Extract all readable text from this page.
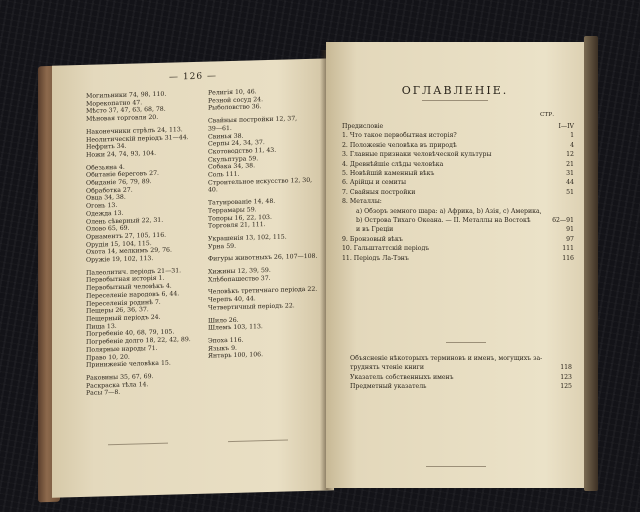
— 126 —
Могильники 74, 98, 110.
Морекопатно 47.
Мѣсто 37, 47, 63, 68, 78.
Мѣновая торговля 20.
Наконечники стрѣлъ 24, 113.
Неолитическій періодъ 31—44.
Нефрить 34.
Ножи 24, 74, 93, 104.
Обезьяна 4.
Обитаніе береговъ 27.
Обиданіе 76, 79, 89.
Обработка 27.
Овца 34, 38.
Огонь 13.
Одежда 13.
Олень сѣверный 22, 31.
Олово 65, 69.
Орнаментъ 27, 105, 116.
Орудія 15, 104, 115.
Охота 14, мелкимъ 29, 76.
Оружіе 19, 102, 113.
Палеолитич. періодъ 21—31.
Первобытная исторія 1.
Первобытный человѣкъ 4.
Переселеніе народовъ 6, 44.
Переселенія родинѣ 7.
Пещеры 26, 36, 37.
Пещерный періодъ 24.
Пища 13.
Погребеніе 40, 68, 79, 105.
Погребеніе долго 18, 22, 42, 89.
Полярные народы 71.
Право 10, 20.
Приниженіе человѣка 15.
Раковины 35, 67, 69.
Раскраска тѣла 14.
Расы 7—8.
Религія 10, 46.
Резной сосуд 24.
Рыболовство 36.
Свайныя постройки 12, 37,
39—61.
Свинья 38.
Серпы 24, 34, 37.
Скотоводство 11, 43.
Скульптура 59.
Собака 34, 38.
Соль 111.
Строительное искусство 12, 30,
40.
Татуированіе 14, 48.
Террамары 59.
Топоры 16, 22, 103.
Торговля 21, 111.
Украшенія 13, 102, 115.
Урна 59.
Фигуры животныхъ 26, 107—108.
Хижины 12, 39, 59.
Хлѣбопашество 37.
Человѣкъ третичнаго періода 22.
Черепъ 40, 44.
Четвертичный періодъ 22.
Шило 26.
Шлемъ 103, 113.
Эпоха 116.
Языкъ 9.
Янтарь 100, 106.
ОГЛАВЛЕНІЕ.
СТР.
Предисловіе	I—IV
1. Что такое первобытная исторія?	1
2. Положеніе человѣка въ природѣ	4
3. Главные признаки человѣческой культуры	12
4. Древнѣйшіе слѣды человѣка	21
5. Новѣйшій каменный вѣкъ	31
6. Арійцы и семиты	44
7. Свайныя постройки	51
8. Металлы:
а) Обзоръ земного шара: a) Африка, b) Азія, c) Америка,
b) Острова Тихаго Океана. — II. Металлы на Востокѣ	62—91
и въ Греціи	91
9. Бронзовый вѣкъ	97
10. Гальштаттскій періодъ	111
11. Періодъ Ла-Тэнъ	116
Объясненіе нѣкоторыхъ терминовъ и именъ, могущихъ за-
труднять чтеніе книги	118
Указатель собственныхъ именъ	123
Предметный указатель	125
